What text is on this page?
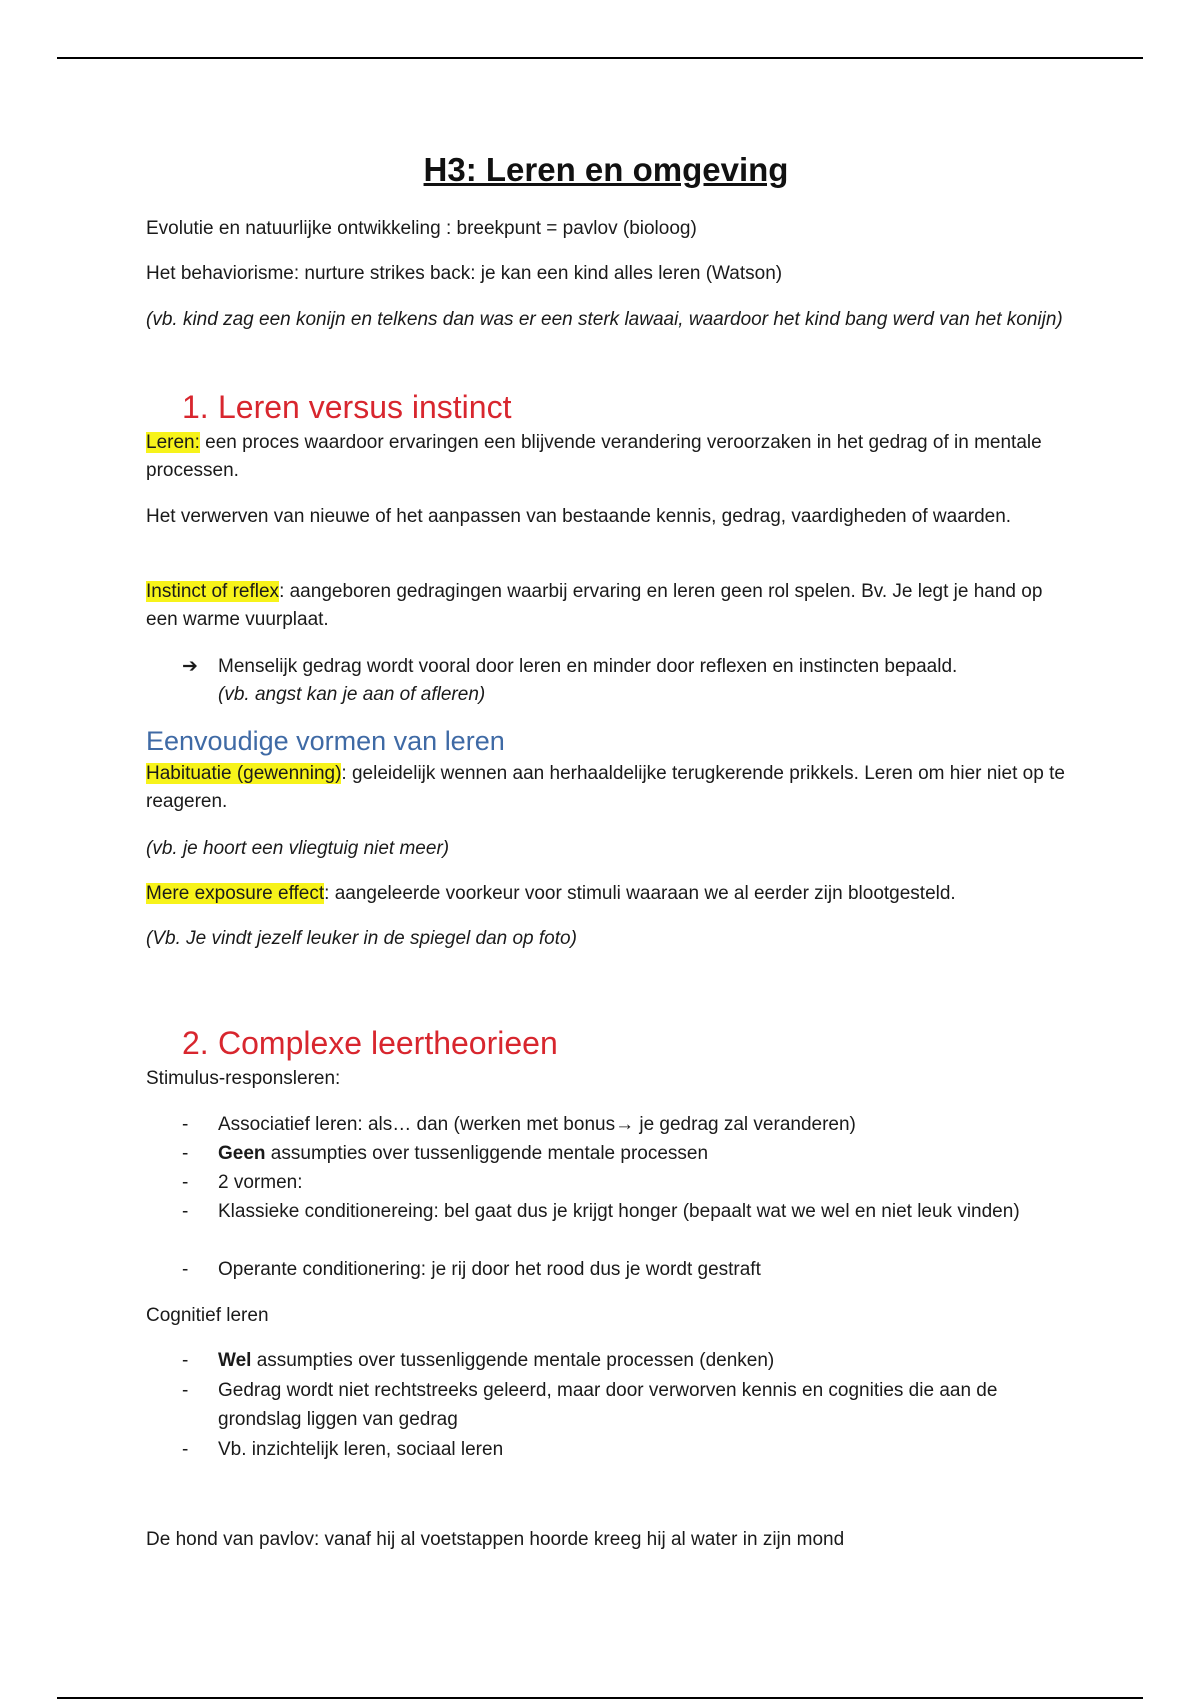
H3: Leren en omgeving
Evolutie en natuurlijke ontwikkeling : breekpunt = pavlov (bioloog)
Het behaviorisme: nurture strikes back: je kan een kind alles leren (Watson)
(vb. kind zag een konijn en telkens dan was er een sterk lawaai, waardoor het kind bang werd van het konijn)
1. Leren versus instinct
Leren: een proces waardoor ervaringen een blijvende verandering veroorzaken in het gedrag of in mentale processen.
Het verwerven van nieuwe of het aanpassen van bestaande kennis, gedrag, vaardigheden of waarden.
Instinct of reflex: aangeboren gedragingen waarbij ervaring en leren geen rol spelen. Bv. Je legt je hand op een warme vuurplaat.
➔ Menselijk gedrag wordt vooral door leren en minder door reflexen en instincten bepaald.
(vb. angst kan je aan of afleren)
Eenvoudige vormen van leren
Habituatie (gewenning): geleidelijk wennen aan herhaaldelijke terugkerende prikkels. Leren om hier niet op te reageren.
(vb. je hoort een vliegtuig niet meer)
Mere exposure effect: aangeleerde voorkeur voor stimuli waaraan we al eerder zijn blootgesteld.
(Vb. Je vindt jezelf leuker in de spiegel dan op foto)
2. Complexe leertheorieen
Stimulus-responsleren:
- Associatief leren: als… dan (werken met bonus→ je gedrag zal veranderen)
- Geen assumpties over tussenliggende mentale processen
- 2 vormen:
- Klassieke conditionereing: bel gaat dus je krijgt honger (bepaalt wat we wel en niet leuk vinden)
- Operante conditionering: je rij door het rood dus je wordt gestraft
Cognitief leren
- Wel assumpties over tussenliggende mentale processen (denken)
- Gedrag wordt niet rechtstreeks geleerd, maar door verworven kennis en cognities die aan de grondslag liggen van gedrag
- Vb. inzichtelijk leren, sociaal leren
De hond van pavlov: vanaf hij al voetstappen hoorde kreeg hij al water in zijn mond
